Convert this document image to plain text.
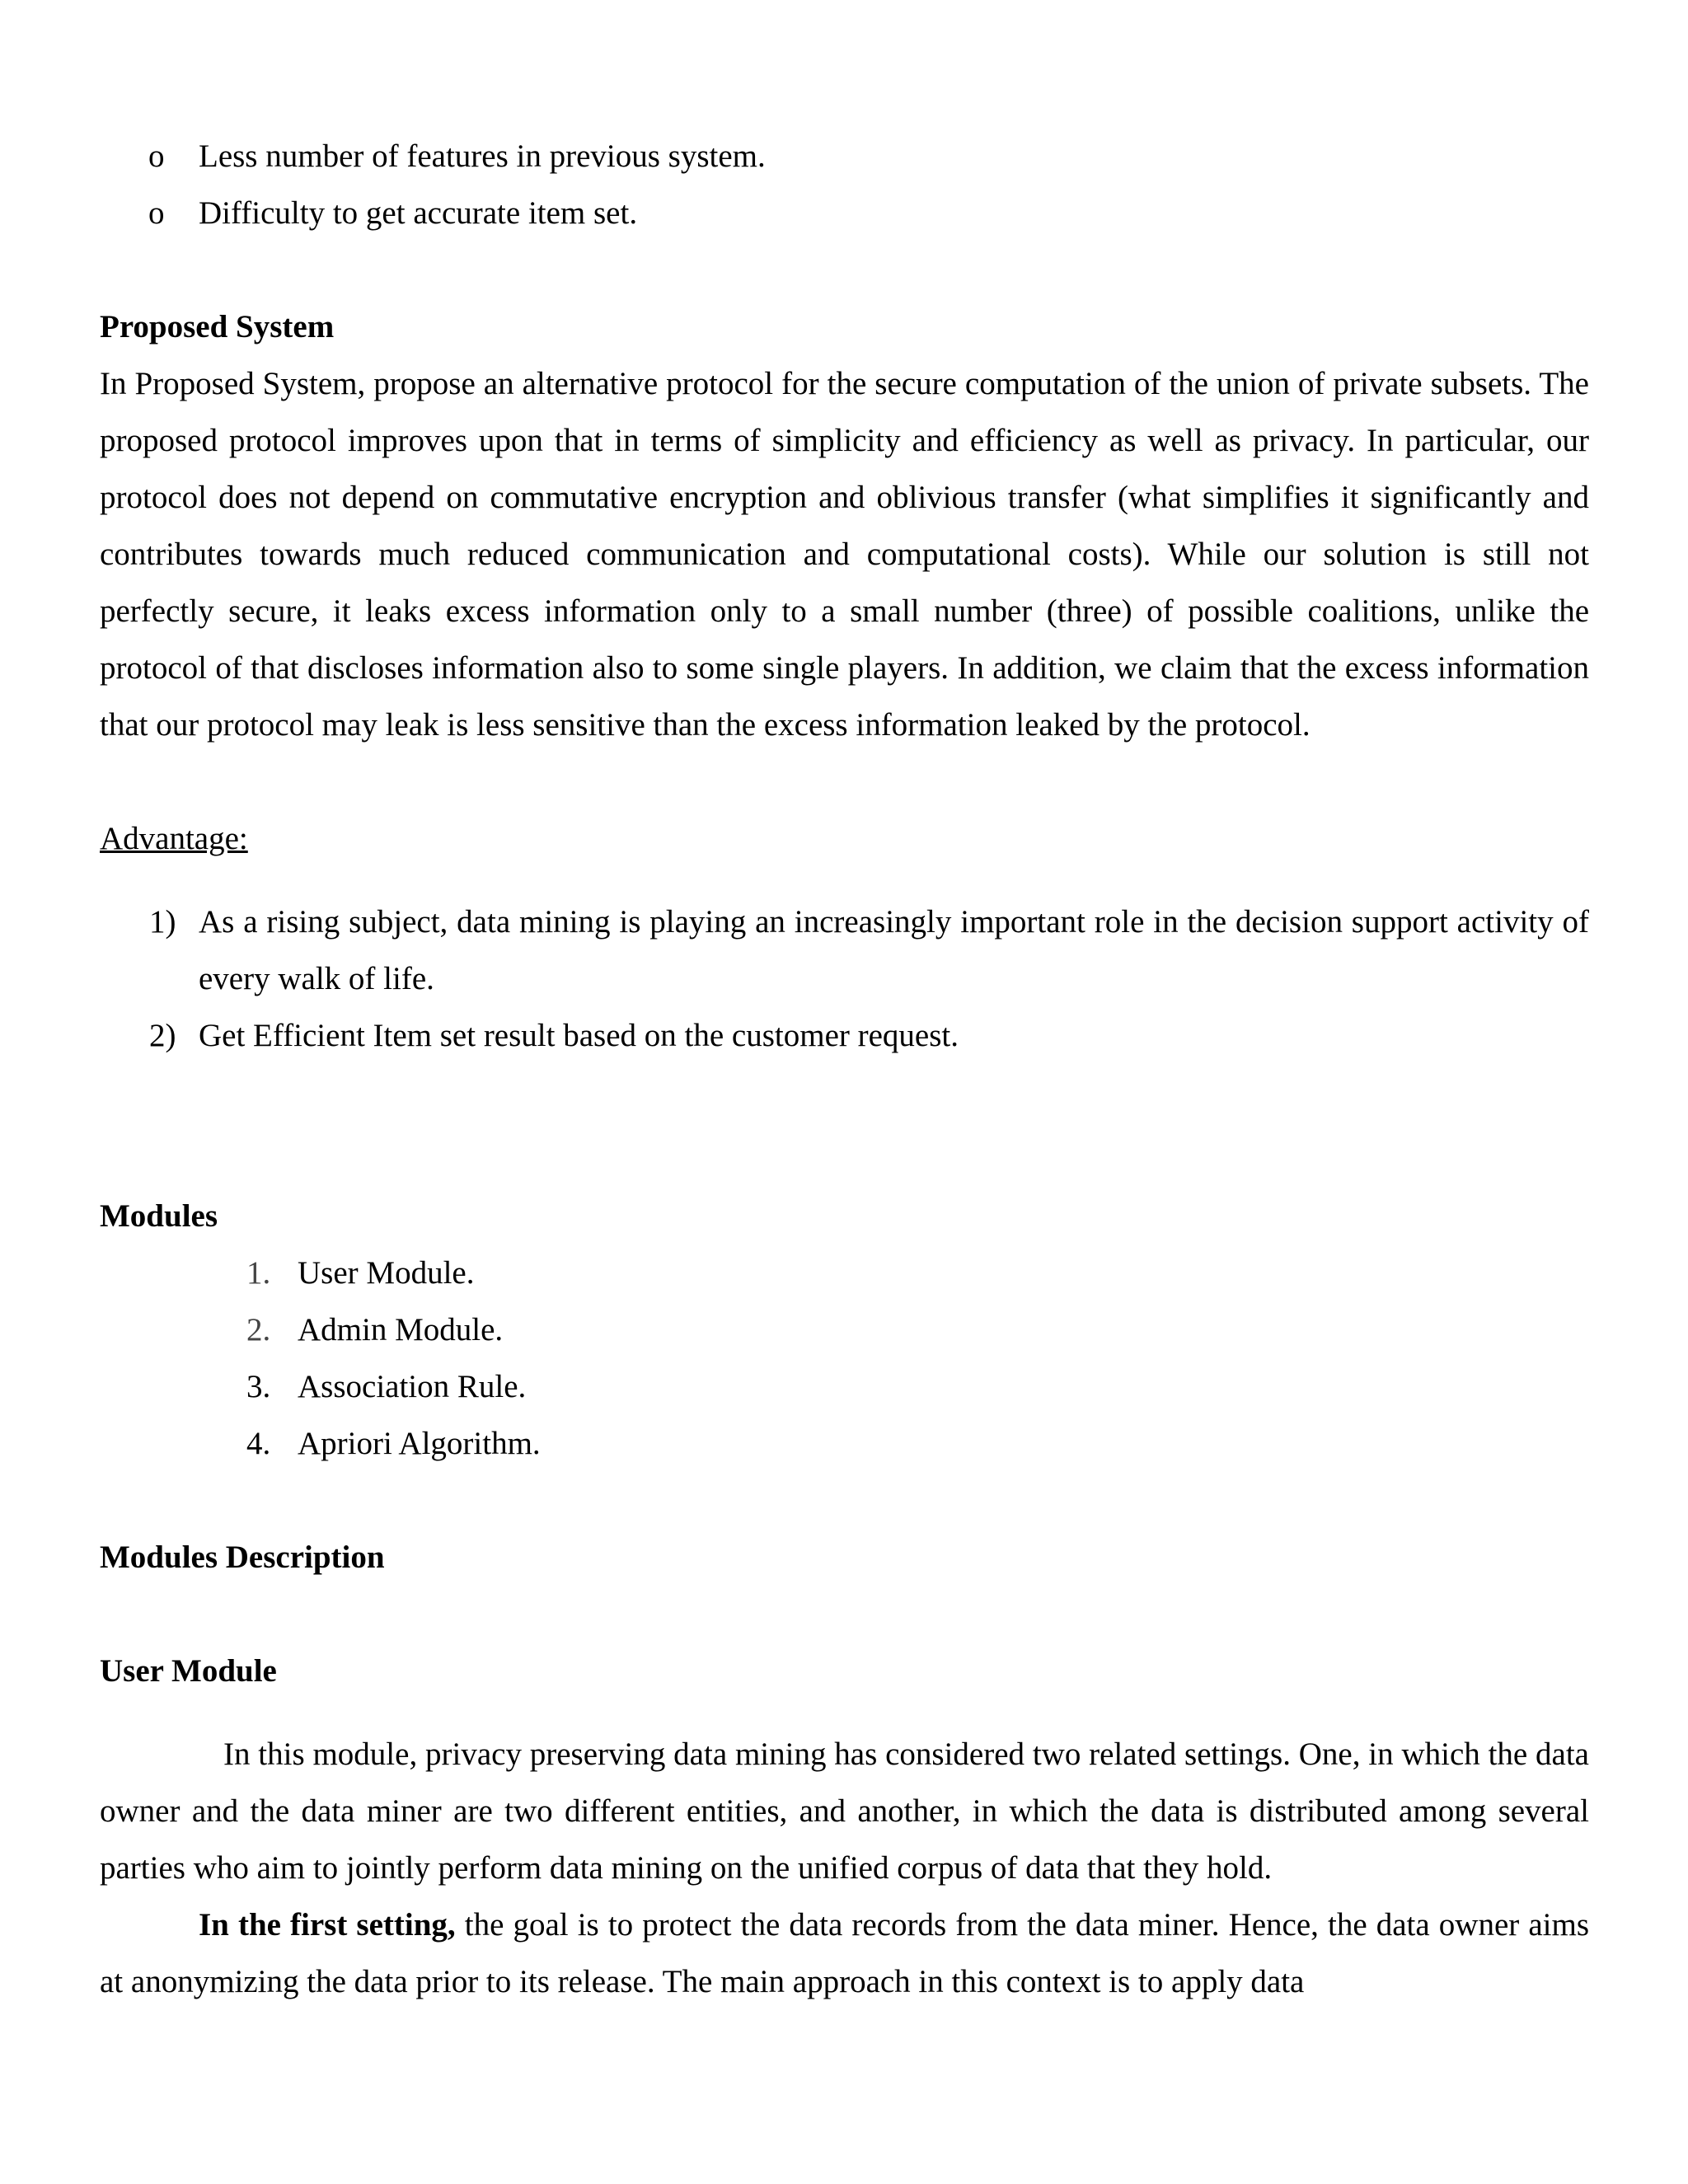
o Less number of features in previous system.
o Difficulty to get accurate item set.
Proposed System

In Proposed System, propose an alternative protocol for the secure computation of the union of private subsets. The proposed protocol improves upon that in terms of simplicity and efficiency as well as privacy. In particular, our protocol does not depend on commutative encryption and oblivious transfer (what simplifies it significantly and contributes towards much reduced communication and computational costs). While our solution is still not perfectly secure, it leaks excess information only to a small number (three) of possible coalitions, unlike the protocol of that discloses information also to some single players. In addition, we claim that the excess information that our protocol may leak is less sensitive than the excess information leaked by the protocol.

Advantage:

1) As a rising subject, data mining is playing an increasingly important role in the decision support activity of every walk of life.
2) Get Efficient Item set result based on the customer request.
Modules
1. User Module.
2. Admin Module.
3. Association Rule.
4. Apriori Algorithm.
Modules Description
User Module

In this module, privacy preserving data mining has considered two related settings. One, in which the data owner and the data miner are two different entities, and another, in which the data is distributed among several parties who aim to jointly perform data mining on the unified corpus of data that they hold.

In the first setting, the goal is to protect the data records from the data miner. Hence, the data owner aims at anonymizing the data prior to its release. The main approach in this context is to apply data
